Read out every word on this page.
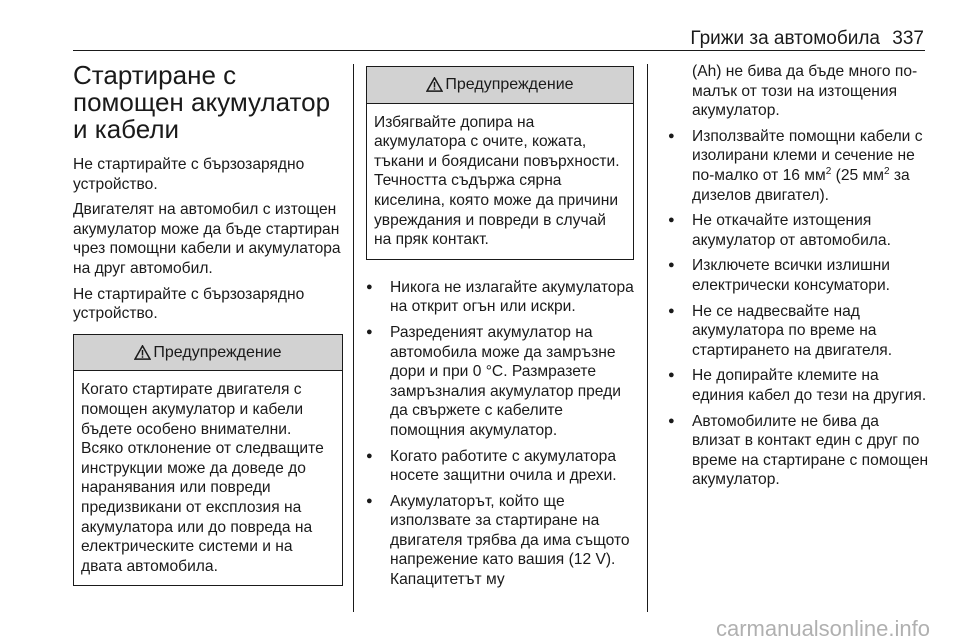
Грижи за автомобила 337
Стартиране с помощен акумулатор и кабели

Не стартирайте с бързозарядно устройство.

Двигателят на автомобил с изтощен акумулатор може да бъде стартиран чрез помощни кабели и акумулатора на друг автомобил.

Не стартирайте с бързозарядно устройство.

Предупреждение
Когато стартирате двигателя с помощен акумулатор и кабели бъдете особено внимателни. Всяко отклонение от следващите инструкции може да доведе до наранявания или повреди предизвикани от експлозия на акумулатора или до повреда на електрическите системи и на двата автомобила.
Предупреждение
Избягвайте допира на акумулатора с очите, кожата, тъкани и боядисани повърхности. Течността съдържа сярна киселина, която може да причини увреждания и повреди в случай на пряк контакт.
●
Никога не излагайте акумулатора на открит огън или искри.
●
Разреденият акумулатор на автомобила може да замръзне дори и при 0 °C. Размразете замръзналия акумулатор преди да свържете с кабелите помощния акумулатор.
●
Когато работите с акумулатора носете защитни очила и дрехи.
●
Акумулаторът, който ще използвате за стартиране на двигателя трябва да има същото напрежение като вашия (12 V). Капацитетът му
(Ah) не бива да бъде много по-малък от този на изтощения акумулатор.
●
Използвайте помощни кабели с изолирани клеми и сечение не по-малко от 16 $мм^2$ (25 $мм^2$ за дизелов двигател).
●
Не откачайте изтощения акумулатор от автомобила.
●
Изключете всички излишни електрически консуматори.
●
Не се надвесвайте над акумулатора по време на стартирането на двигателя.
●
Не допирайте клемите на единия кабел до тези на другия.
●
Автомобилите не бива да влизат в контакт един с друг по време на стартиране с помощен акумулатор.
carmanualsonline.info
